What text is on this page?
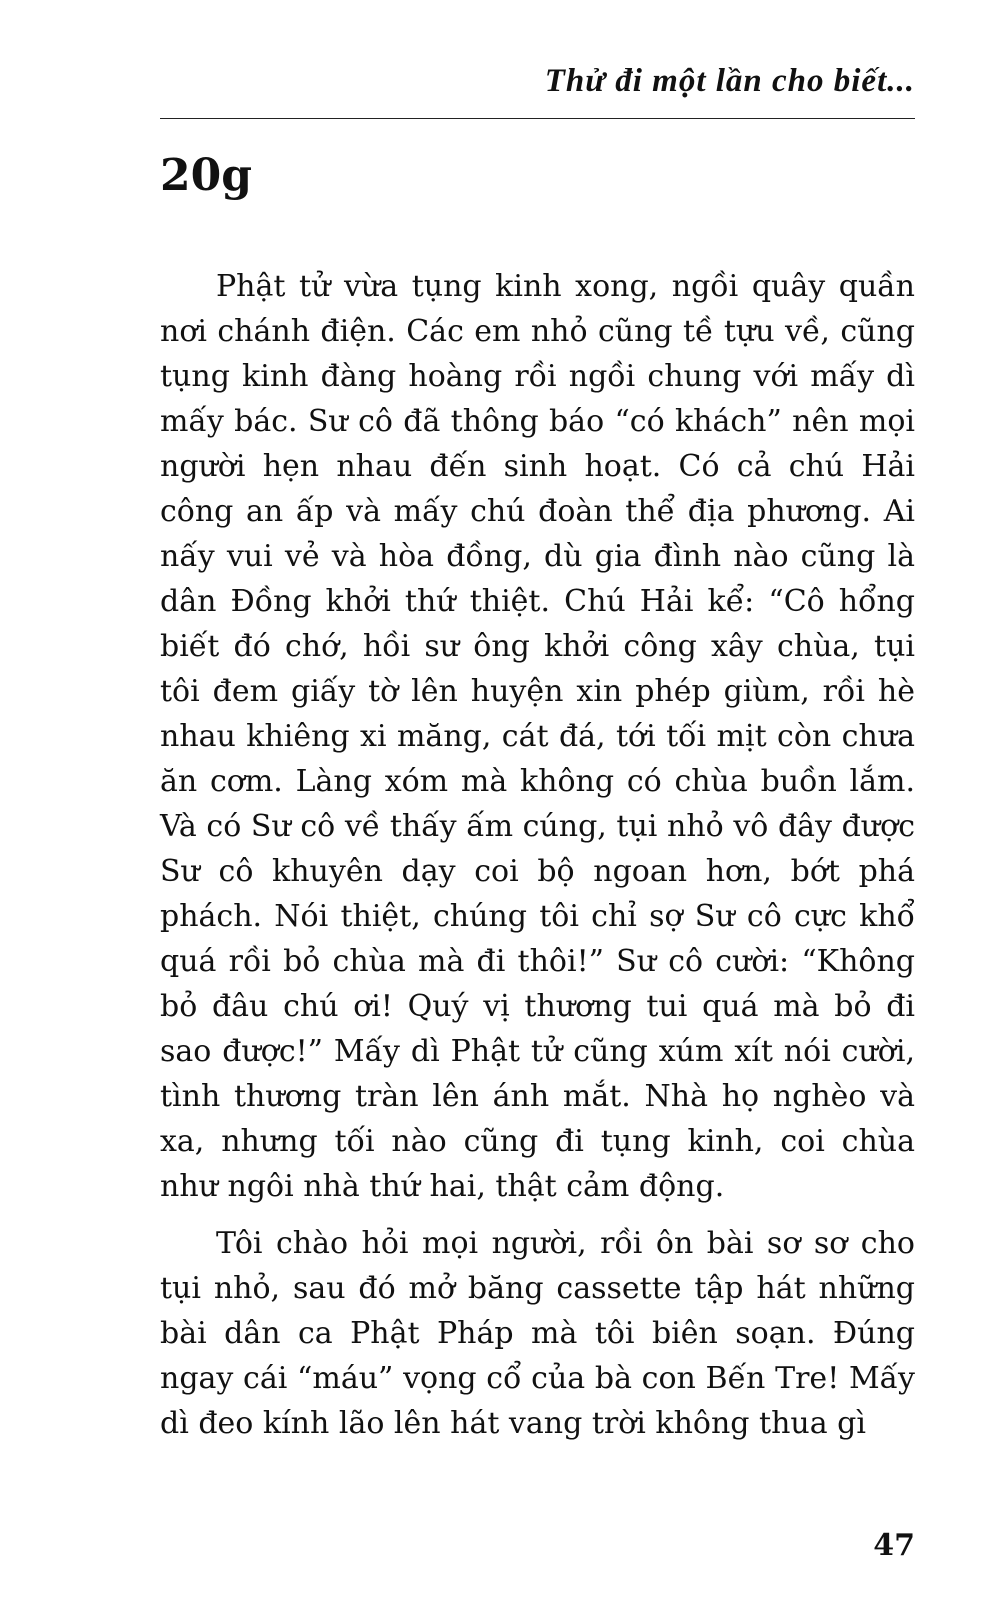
Thử đi một lần cho biết...
20g

Phật tử vừa tụng kinh xong, ngồi quây quần nơi chánh điện. Các em nhỏ cũng tề tựu về, cũng tụng kinh đàng hoàng rồi ngồi chung với mấy dì mấy bác. Sư cô đã thông báo “có khách” nên mọi người hẹn nhau đến sinh hoạt. Có cả chú Hải công an ấp và mấy chú đoàn thể địa phương. Ai nấy vui vẻ và hòa đồng, dù gia đình nào cũng là dân Đồng khởi thứ thiệt. Chú Hải kể: “Cô hổng biết đó chớ, hồi sư ông khởi công xây chùa, tụi tôi đem giấy tờ lên huyện xin phép giùm, rồi hè nhau khiêng xi măng, cát đá, tới tối mịt còn chưa ăn cơm. Làng xóm mà không có chùa buồn lắm. Và có Sư cô về thấy ấm cúng, tụi nhỏ vô đây được Sư cô khuyên dạy coi bộ ngoan hơn, bớt phá phách. Nói thiệt, chúng tôi chỉ sợ Sư cô cực khổ quá rồi bỏ chùa mà đi thôi!” Sư cô cười: “Không bỏ đâu chú ơi! Quý vị thương tui quá mà bỏ đi sao được!” Mấy dì Phật tử cũng xúm xít nói cười, tình thương tràn lên ánh mắt. Nhà họ nghèo và xa, nhưng tối nào cũng đi tụng kinh, coi chùa như ngôi nhà thứ hai, thật cảm động.

Tôi chào hỏi mọi người, rồi ôn bài sơ sơ cho tụi nhỏ, sau đó mở băng cassette tập hát những bài dân ca Phật Pháp mà tôi biên soạn. Đúng ngay cái “máu” vọng cổ của bà con Bến Tre! Mấy dì đeo kính lão lên hát vang trời không thua gì

47
